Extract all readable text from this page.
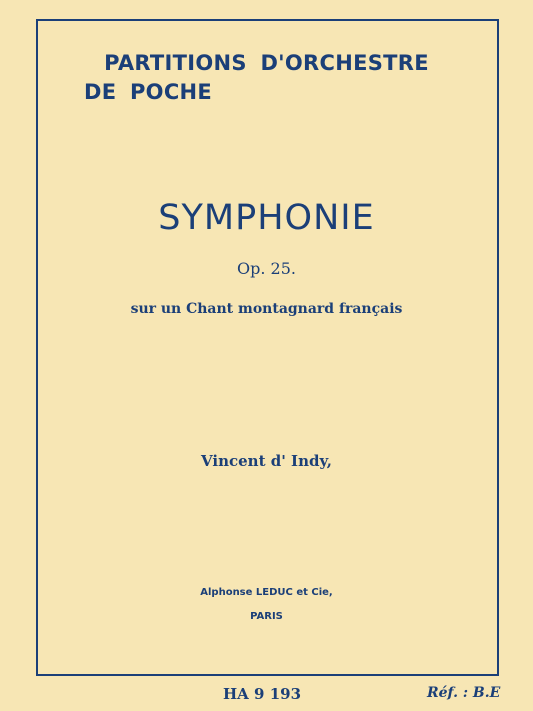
PARTITIONS D'ORCHESTRE
DE POCHE
SYMPHONIE
Op. 25.
sur un Chant montagnard français
Vincent d' Indy,
Alphonse LEDUC et Cie,
PARIS
HA 9 193	Réf. : B.E
